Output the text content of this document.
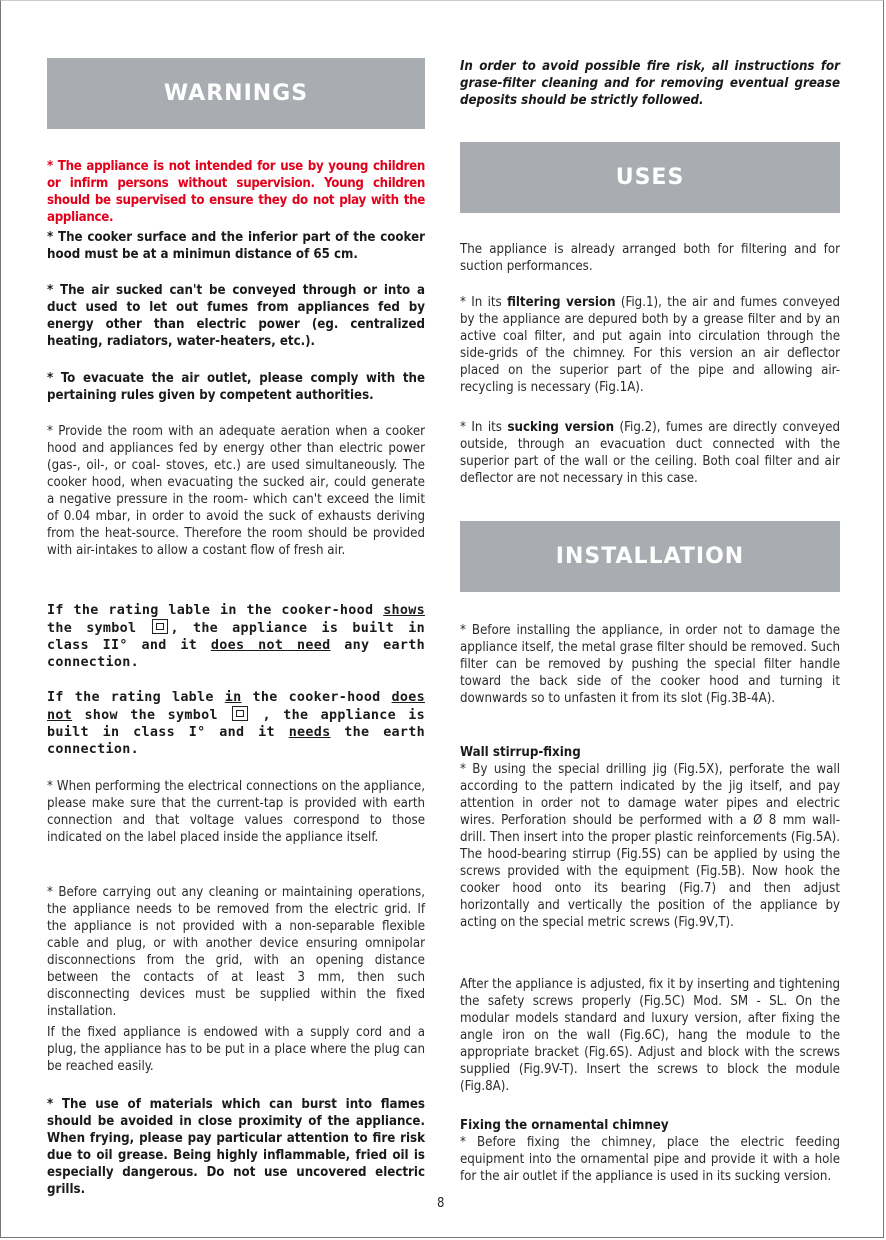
WARNINGS

* The appliance is not intended for use by young children or infirm persons without supervision. Young children should be supervised to ensure they do not play with the appliance.

* The cooker surface and the inferior part of the cooker hood must be at a minimun distance of 65 cm.

* The air sucked can't be conveyed through or into a duct used to let out fumes from appliances fed by energy other than electric power (eg. centralized heating, radiators, water-heaters, etc.).

* To evacuate the air outlet, please comply with the pertaining rules given by competent authorities.

* Provide the room with an adequate aeration when a cooker hood and appliances fed by energy other than electric power (gas-, oil-, or coal- stoves, etc.) are used simultaneously. The cooker hood, when evacuating the sucked air, could generate a negative pressure in the room- which can't exceed the limit of 0.04 mbar, in order to avoid the suck of exhausts deriving from the heat-source. Therefore the room should be provided with air-intakes to allow a costant flow of fresh air.

If the rating lable in the cooker-hood shows the symbol , the appliance is built in class II° and it does not need any earth connection.

If the rating lable in the cooker-hood does not show the symbol  , the appliance is built in class I° and it needs the earth connection.

* When performing the electrical connections on the appliance, please make sure that the current-tap is provided with earth connection and that voltage values correspond to those indicated on the label placed inside the appliance itself.

* Before carrying out any cleaning or maintaining operations, the appliance needs to be removed from the electric grid. If the appliance is not provided with a non-separable flexible cable and plug, or with another device ensuring omnipolar disconnections from the grid, with an opening distance between the contacts of at least 3 mm, then such disconnecting devices must be supplied within the fixed installation.

If the fixed appliance is endowed with a supply cord and a plug, the appliance has to be put in a place where the plug can be reached easily.

* The use of materials which can burst into flames should be avoided in close proximity of the appliance. When frying, please pay particular attention to fire risk due to oil grease. Being highly inflammable, fried oil is especially dangerous. Do not use uncovered electric grills.

In order to avoid possible fire risk, all instructions for grase-filter cleaning and for removing eventual grease deposits should be strictly followed.

USES

The appliance is already arranged both for filtering and for suction performances.

* In its filtering version (Fig.1), the air and fumes conveyed by the appliance are depured both by a grease filter and by an active coal filter, and put again into circulation through the side-grids of the chimney. For this version an air deflector placed on the superior part of the pipe and allowing air-recycling is necessary (Fig.1A).

* In its sucking version (Fig.2), fumes are directly conveyed outside, through an evacuation duct connected with the superior part of the wall or the ceiling. Both coal filter and air deflector are not necessary in this case.

INSTALLATION

* Before installing the appliance, in order not to damage the appliance itself, the metal grase filter should be removed. Such filter can be removed by pushing the special filter handle toward the back side of the cooker hood and turning it downwards so to unfasten it from its slot (Fig.3B-4A).

Wall stirrup-fixing

* By using the special drilling jig (Fig.5X), perforate the wall according to the pattern indicated by the jig itself, and pay attention in order not to damage water pipes and electric wires. Perforation should be performed with a Ø 8 mm wall-drill. Then insert into the proper plastic reinforcements (Fig.5A). The hood-bearing stirrup (Fig.5S) can be applied by using the screws provided with the equipment (Fig.5B). Now hook the cooker hood onto its bearing (Fig.7) and then adjust horizontally and vertically the position of the appliance by acting on the special metric screws (Fig.9V,T).

After the appliance is adjusted, fix it by inserting and tightening the safety screws properly (Fig.5C) Mod. SM - SL. On the modular models standard and luxury version, after fixing the angle iron on the wall (Fig.6C), hang the module to the appropriate bracket (Fig.6S). Adjust and block with the screws supplied (Fig.9V-T). Insert the screws to block the module (Fig.8A).

Fixing the ornamental chimney

* Before fixing the chimney, place the electric feeding equipment into the ornamental pipe and provide it with a hole for the air outlet if the appliance is used in its sucking version.

8
